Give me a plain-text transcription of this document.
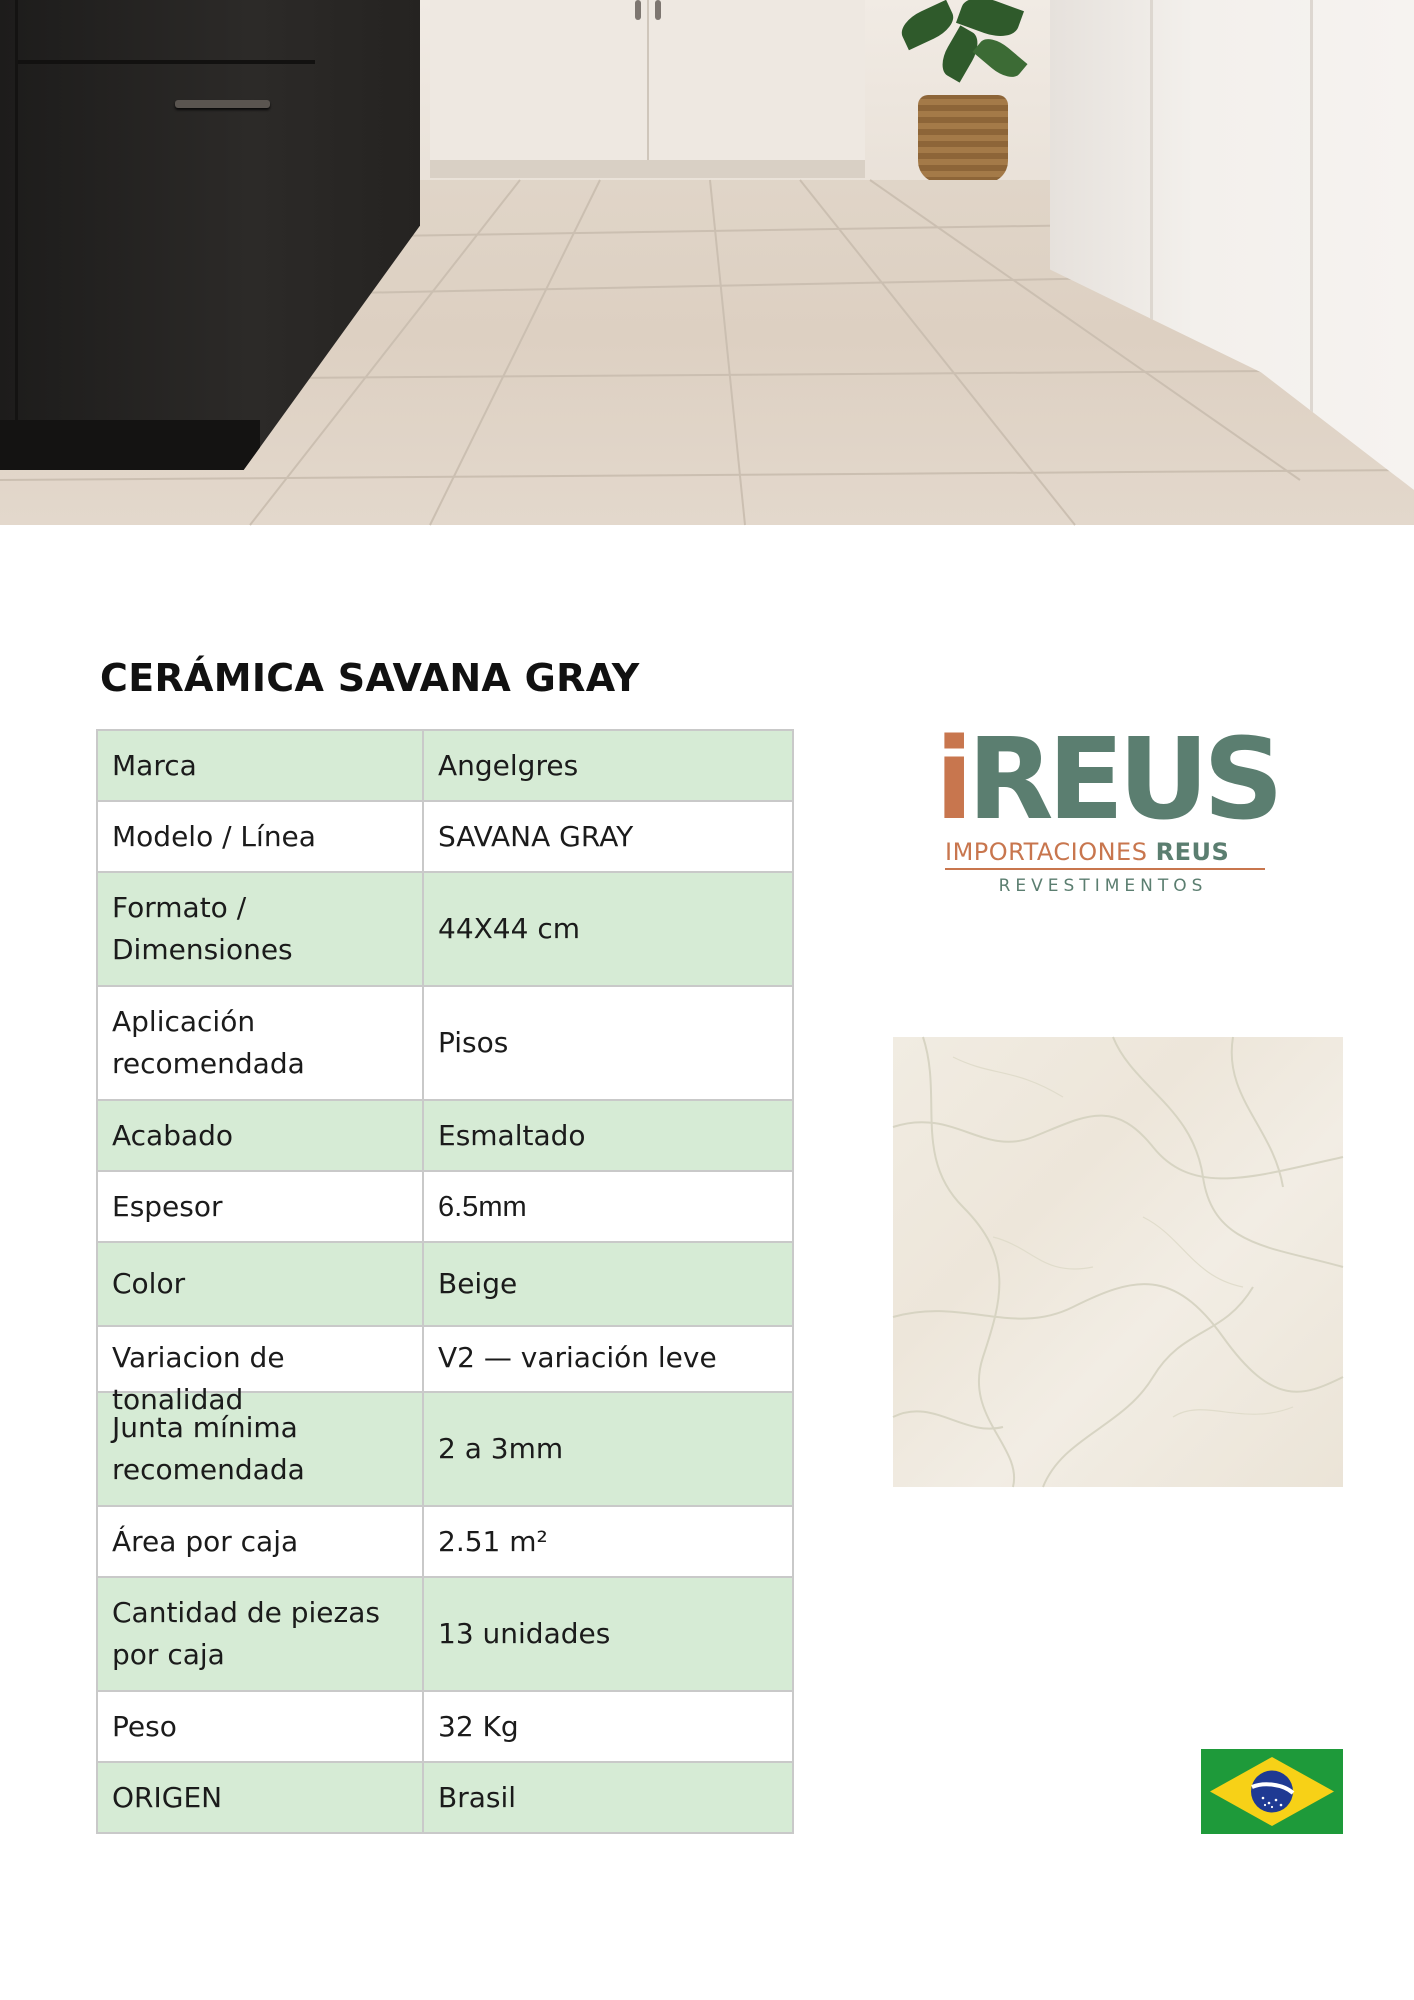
CERÁMICA SAVANA GRAY
Marca	Angelgres
Modelo / Línea	SAVANA GRAY
Formato / Dimensiones	44X44 cm
Aplicación recomendada	Pisos
Acabado	Esmaltado
Espesor	6.5mm
Color	Beige

Variacion de tonalidad	V2 — variación leve
Junta mínima recomendada	2 a 3mm
Área por caja	2.51 m²
Cantidad de piezas por caja	13 unidades
Peso	32 Kg
ORIGEN	Brasil
iREUS
IMPORTACIONES REUS
REVESTIMENTOS
